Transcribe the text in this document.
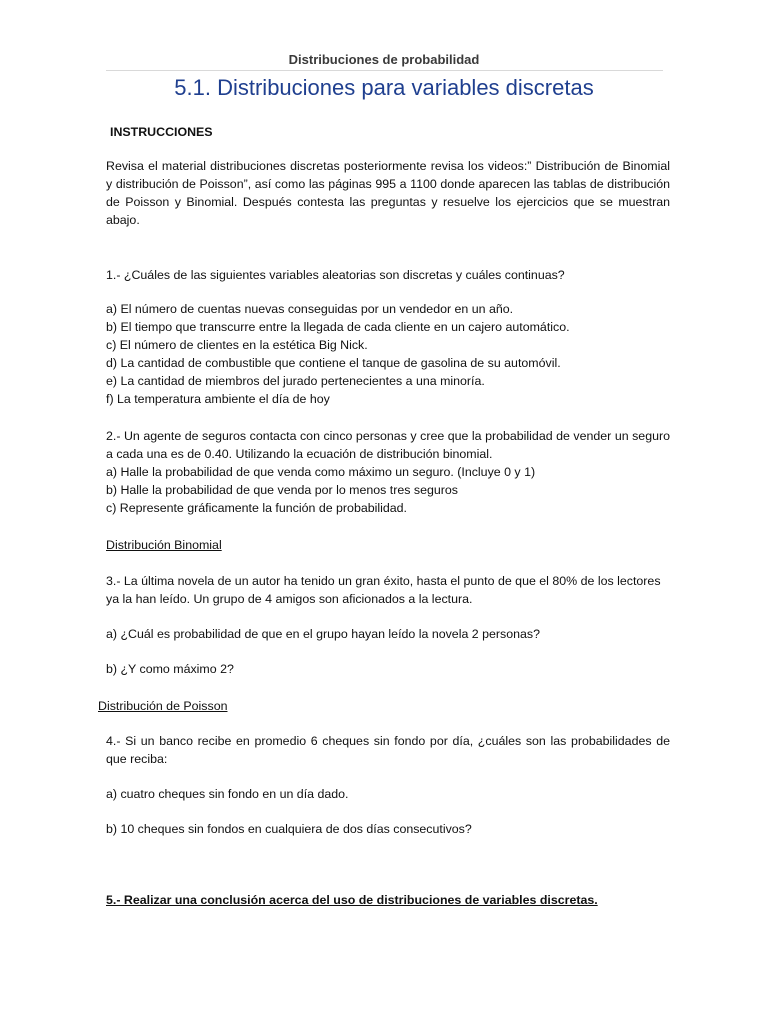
Distribuciones de probabilidad
5.1. Distribuciones para variables discretas

INSTRUCCIONES

Revisa el material distribuciones discretas posteriormente revisa los videos:” Distribución de Binomial y distribución de Poisson”, así como las páginas 995 a 1100 donde aparecen las tablas de distribución de Poisson y Binomial. Después contesta las preguntas y resuelve los ejercicios que se muestran abajo.

1.- ¿Cuáles de las siguientes variables aleatorias son discretas y cuáles continuas?

a) El número de cuentas nuevas conseguidas por un vendedor en un año.
b) El tiempo que transcurre entre la llegada de cada cliente en un cajero automático.
c) El número de clientes en la estética Big Nick.
d) La cantidad de combustible que contiene el tanque de gasolina de su automóvil.
e) La cantidad de miembros del jurado pertenecientes a una minoría.
f) La temperatura ambiente el día de hoy

2.- Un agente de seguros contacta con cinco personas y cree que la probabilidad de vender un seguro a cada una es de 0.40. Utilizando la ecuación de distribución binomial.

a) Halle la probabilidad de que venda como máximo un seguro. (Incluye 0 y 1)
b) Halle la probabilidad de que venda por lo menos tres seguros
c) Represente gráficamente la función de probabilidad.

Distribución Binomial

3.- La última novela de un autor ha tenido un gran éxito, hasta el punto de que el 80% de los lectores ya la han leído. Un grupo de 4 amigos son aficionados a la lectura.

a) ¿Cuál es probabilidad de que en el grupo hayan leído la novela 2 personas?

b) ¿Y como máximo 2?

Distribución de Poisson

4.- Si un banco recibe en promedio 6 cheques sin fondo por día, ¿cuáles son las probabilidades de que reciba:

a) cuatro cheques sin fondo en un día dado.

b) 10 cheques sin fondos en cualquiera de dos días consecutivos?

5.- Realizar una conclusión acerca del uso de distribuciones de variables discretas.
